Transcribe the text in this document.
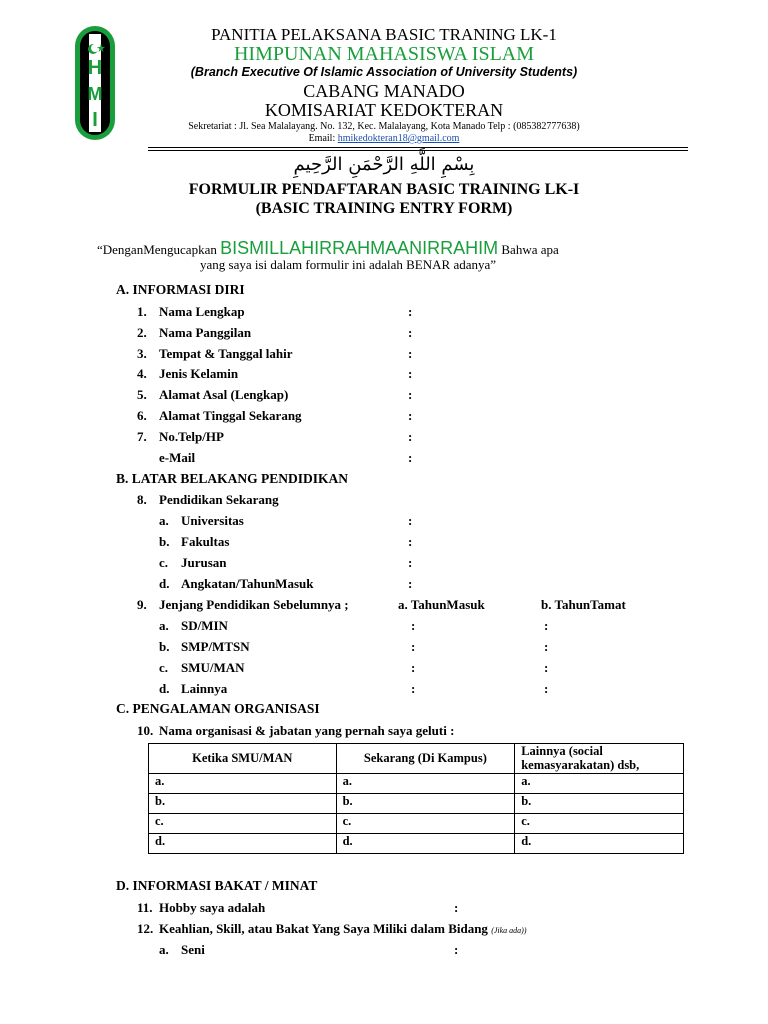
H
M
I
PANITIA PELAKSANA BASIC TRANING LK-1
HIMPUNAN MAHASISWA ISLAM
(Branch Executive Of Islamic Association of University Students)
CABANG MANADO
KOMISARIAT KEDOKTERAN
Sekretariat : Jl. Sea Malalayang. No. 132, Kec. Malalayang, Kota Manado Telp : (085382777638)
Email: hmikedokteran18@gmail.com
بِسْمِ اللَّهِ الرَّحْمَنِ الرَّحِيمِ
FORMULIR PENDAFTARAN BASIC TRAINING LK-I
(BASIC TRAINING ENTRY FORM)
“DenganMengucapkan BISMILLAHIRRAHMAANIRRAHIM Bahwa apa
yang saya isi dalam formulir ini adalah BENAR adanya”
A. INFORMASI DIRI
1. Nama Lengkap	:
2. Nama Panggilan	:
3. Tempat & Tanggal lahir	:
4. Jenis Kelamin	:
5. Alamat Asal (Lengkap)	:
6. Alamat Tinggal Sekarang	:
7. No.Telp/HP	:
e-Mail	:
B. LATAR BELAKANG PENDIDIKAN
8. Pendidikan Sekarang
a. Universitas	:
b. Fakultas	:
c. Jurusan	:
d. Angkatan/TahunMasuk	:
9. Jenjang Pendidikan Sebelumnya ;	a. TahunMasuk	b. TahunTamat
a. SD/MIN	:	:
b. SMP/MTSN	:	:
c. SMU/MAN	:	:
d. Lainnya	:	:
C. PENGALAMAN ORGANISASI
10. Nama organisasi & jabatan yang pernah saya geluti :
Ketika SMU/MAN	Sekarang (Di Kampus)	Lainnya (social kemasyarakatan) dsb,
a.	a.	a.
b.	b.	b.
c.	c.	c.
d.	d.	d.
D. INFORMASI BAKAT / MINAT
11. Hobby saya adalah	:
12. Keahlian, Skill, atau Bakat Yang Saya Miliki dalam Bidang (Jika ada))
a. Seni	:
